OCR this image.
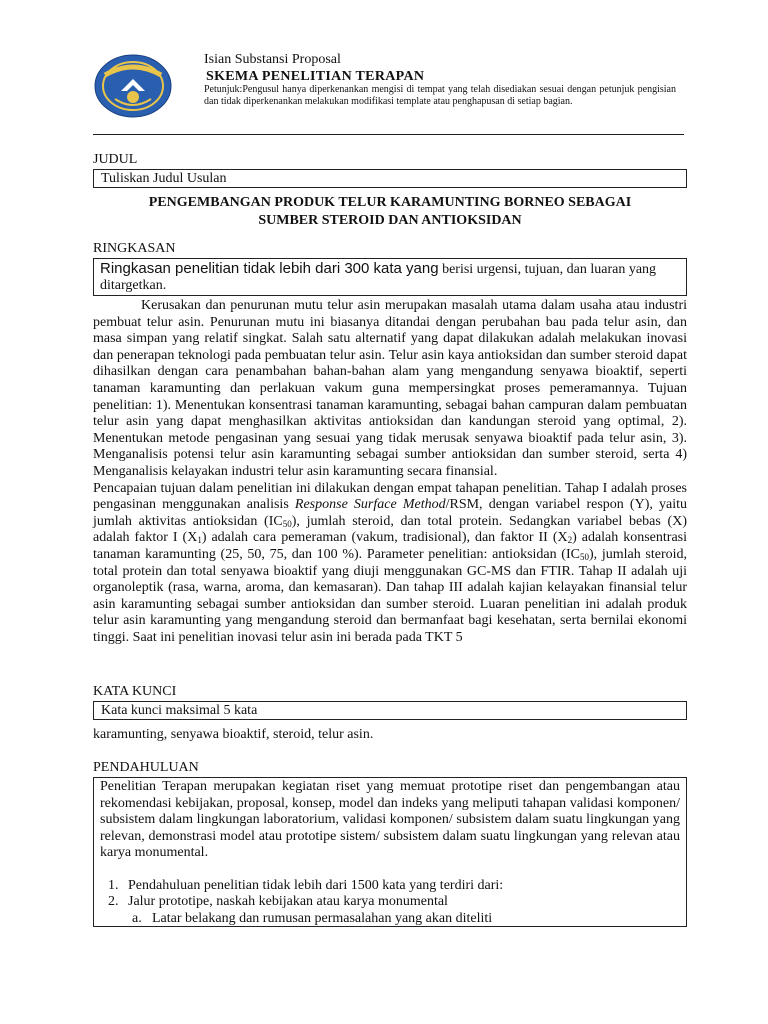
Isian Substansi Proposal
SKEMA PENELITIAN TERAPAN
Petunjuk:Pengusul hanya diperkenankan mengisi di tempat yang telah disediakan sesuai dengan petunjuk pengisian dan tidak diperkenankan melakukan modifikasi template atau penghapusan di setiap bagian.
JUDUL
Tuliskan Judul Usulan
PENGEMBANGAN PRODUK TELUR KARAMUNTING BORNEO SEBAGAI
SUMBER STEROID DAN ANTIOKSIDAN
RINGKASAN
Ringkasan penelitian tidak lebih dari 300 kata yang berisi urgensi, tujuan, dan luaran yang ditargetkan.

Kerusakan dan penurunan mutu telur asin merupakan masalah utama dalam usaha atau industri pembuat telur asin. Penurunan mutu ini biasanya ditandai dengan perubahan bau pada telur asin, dan masa simpan yang relatif singkat. Salah satu alternatif yang dapat dilakukan adalah melakukan inovasi dan penerapan teknologi pada pembuatan telur asin. Telur asin kaya antioksidan dan sumber steroid dapat dihasilkan dengan cara penambahan bahan-bahan alam yang mengandung senyawa bioaktif, seperti tanaman karamunting dan perlakuan vakum guna mempersingkat proses pemeramannya. Tujuan penelitian: 1). Menentukan konsentrasi tanaman karamunting, sebagai bahan campuran dalam pembuatan telur asin yang dapat menghasilkan aktivitas antioksidan dan kandungan steroid yang optimal, 2). Menentukan metode pengasinan yang sesuai yang tidak merusak senyawa bioaktif pada telur asin, 3). Menganalisis potensi telur asin karamunting sebagai sumber antioksidan dan sumber steroid, serta 4) Menganalisis kelayakan industri telur asin karamunting secara finansial.

Pencapaian tujuan dalam penelitian ini dilakukan dengan empat tahapan penelitian. Tahap I adalah proses pengasinan menggunakan analisis Response Surface Method/RSM, dengan variabel respon (Y), yaitu jumlah aktivitas antioksidan $(IC_{50})$, jumlah steroid, dan total protein. Sedangkan variabel bebas (X) adalah faktor I $(X_1)$ adalah cara pemeraman (vakum, tradisional), dan faktor II $(X_2)$ adalah konsentrasi tanaman karamunting (25, 50, 75, dan 100 %). Parameter penelitian: antioksidan $(IC_{50})$, jumlah steroid, total protein dan total senyawa bioaktif yang diuji menggunakan GC-MS dan FTIR. Tahap II adalah uji organoleptik (rasa, warna, aroma, dan kemasaran). Dan tahap III adalah kajian kelayakan finansial telur asin karamunting sebagai sumber antioksidan dan sumber steroid. Luaran penelitian ini adalah produk telur asin karamunting yang mengandung steroid dan bermanfaat bagi kesehatan, serta bernilai ekonomi tinggi. Saat ini penelitian inovasi telur asin ini berada pada TKT 5

KATA KUNCI
Kata kunci maksimal 5 kata
karamunting, senyawa bioaktif, steroid, telur asin.
PENDAHULUAN
Penelitian Terapan merupakan kegiatan riset yang memuat prototipe riset dan pengembangan atau rekomendasi kebijakan, proposal, konsep, model dan indeks yang meliputi tahapan validasi komponen/ subsistem dalam lingkungan laboratorium, validasi komponen/ subsistem dalam suatu lingkungan yang relevan, demonstrasi model atau prototipe sistem/ subsistem dalam suatu lingkungan yang relevan atau karya monumental.
1. Pendahuluan penelitian tidak lebih dari 1500 kata yang terdiri dari:
2. Jalur prototipe, naskah kebijakan atau karya monumental
a. Latar belakang dan rumusan permasalahan yang akan diteliti
